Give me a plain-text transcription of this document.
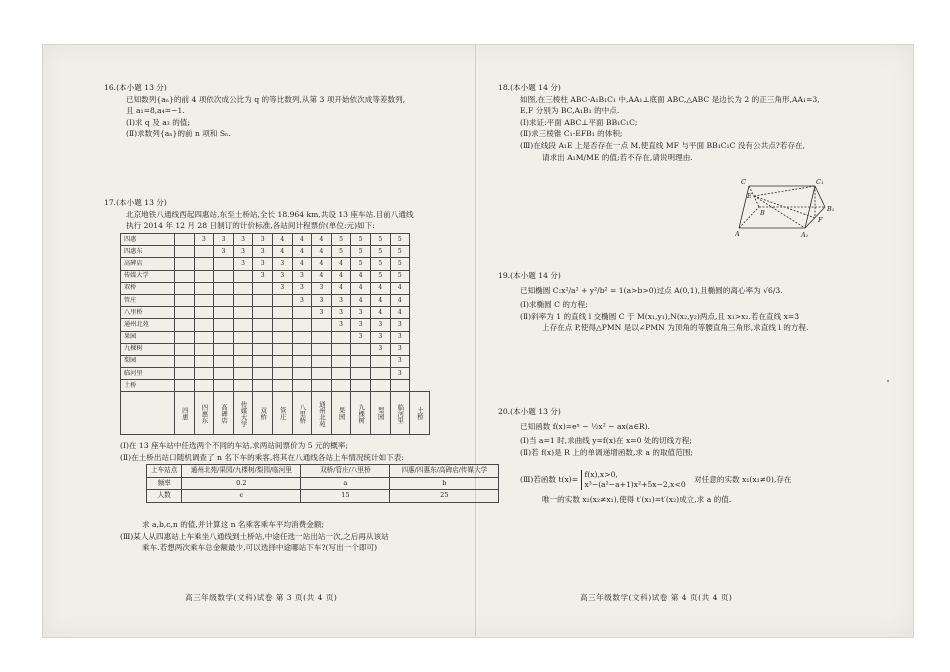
16.(本小题 13 分)
已知数列{aₙ}的前 4 项依次成公比为 q 的等比数列,从第 3 项开始依次成等差数列,
且 a₁=8,a₄=−1.
(Ⅰ)求 q 及 a₃ 的值;
(Ⅱ)求数列{aₙ}的前 n 项和 Sₙ.
17.(本小题 13 分)
北京地铁八通线西起四惠站,东至土桥站,全长 18.964 km,共设 13 座车站.目前八通线
执行 2014 年 12 月 28 日制订的计价标准,各站间计程票价(单位:元)如下:
四惠		3	3	3	3	4	4	4	5	5	5	5	
四惠东			3	3	3	4	4	4	5	5	5	5	
高碑店				3	3	3	4	4	4	5	5	5	
传媒大学					3	3	3	4	4	4	5	5	
双桥						3	3	3	4	4	4	4	
管庄							3	3	3	4	4	4	
八里桥								3	3	3	4	4	
通州北苑									3	3	3	3	
果园										3	3	3	
九棵树											3	3	
梨园												3	
临河里												3	
土桥													

	四惠	四惠东	高碑店	传媒大学	双桥	管庄	八里桥	通州北苑	果园	九棵树	梨园	临河里	土桥
(Ⅰ)在 13 座车站中任选两个不同的车站,求两站间票价为 5 元的概率;
(Ⅱ)在土桥出站口随机调查了 n 名下车的乘客,将其在八通线各站上车情况统计如下表:
上车站点	通州北苑/果园/九棵树/梨园/临河里	双桥/管庄/八里桥	四惠/四惠东/高碑店/传媒大学
频率	0.2	a	b
人数	c	15	25
求 a,b,c,n 的值,并计算这 n 名乘客乘车平均消费金额;
(Ⅲ)某人从四惠站上车乘坐八通线到土桥站,中途任选一站出站一次,之后再从该站
乘车.若想两次乘车总金额最少,可以选择中途哪站下车?(写出一个即可)
高三年级数学(文科)试卷 第 3 页(共 4 页)
18.(本小题 14 分)
如图,在三棱柱 ABC-A₁B₁C₁ 中,AA₁⊥底面 ABC,△ABC 是边长为 2 的正三角形,AA₁=3,
E,F 分别为 BC,A₁B₁ 的中点.
(Ⅰ)求证:平面 ABC⊥平面 BB₁C₁C;
(Ⅱ)求三棱锥 C₁-EFB₁ 的体积;
(Ⅲ)在线段 A₁E 上是否存在一点 M,使直线 MF 与平面 BB₁C₁C 没有公共点?若存在,
请求出 A₁M/ME 的值;若不存在,请说明理由.
C	C₁
E
B	B₁
A	A₁
F
19.(本小题 14 分)
已知椭圆 C:x²/a² + y²/b² = 1(a>b>0)过点 A(0,1),且椭圆的离心率为 √6/3.
(Ⅰ)求椭圆 C 的方程;
(Ⅱ)斜率为 1 的直线 l 交椭圆 C 于 M(x₁,y₁),N(x₂,y₂)两点,且 x₁>x₂.若在直线 x=3
上存在点 P,使得△PMN 是以∠PMN 为顶角的等腰直角三角形,求直线 l 的方程.
20.(本小题 13 分)
已知函数 f(x)=eˣ − ½x² − ax(a∈R).
(Ⅰ)当 a=1 时,求曲线 y=f(x)在 x=0 处的切线方程;
(Ⅱ)若 f(x)是 R 上的单调递增函数,求 a 的取值范围;
(Ⅲ)若函数 t(x)=
f(x),x>0,
x³−(a²−a+1)x²+5x−2,x<0
对任意的实数 x₁(x₁≠0),存在
唯一的实数 x₂(x₂≠x₁),使得 t′(x₁)=t′(x₂)成立,求 a 的值.
高三年级数学(文科)试卷 第 4 页(共 4 页)
